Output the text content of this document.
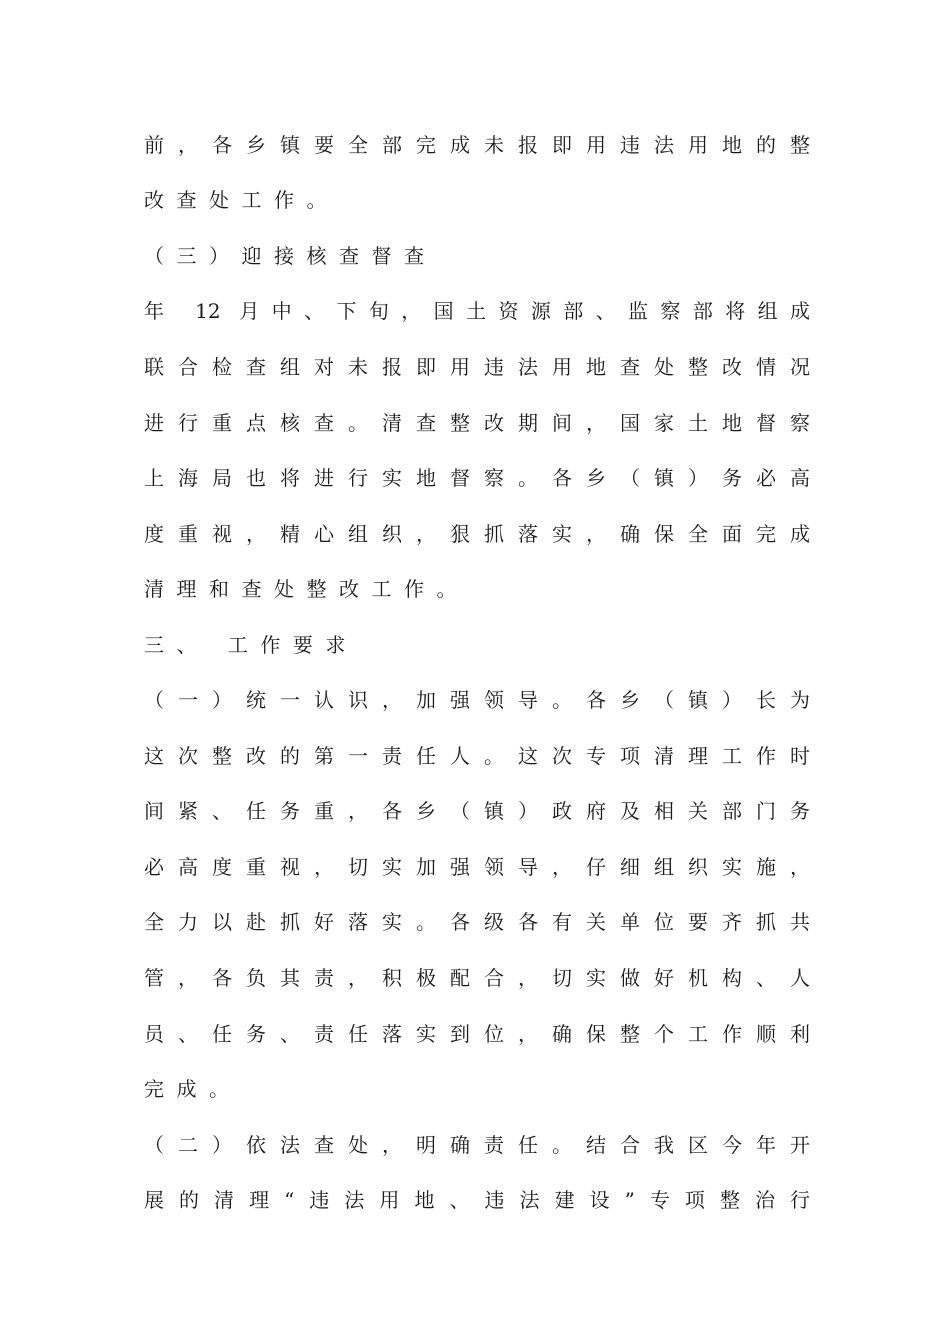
前，各乡镇要全部完成未报即用违法用地的整
改查处工作。
（三）迎接核查督查
年 12 月中、下旬，国土资源部、监察部将组成
联合检查组对未报即用违法用地查处整改情况
进行重点核查。清查整改期间，国家土地督察
上海局也将进行实地督察。各乡（镇）务必高
度重视，精心组织，狠抓落实，确保全面完成
清理和查处整改工作。
三、 工作要求
（一）统一认识，加强领导。各乡（镇）长为
这次整改的第一责任人。这次专项清理工作时
间紧、任务重，各乡（镇）政府及相关部门务
必高度重视，切实加强领导，仔细组织实施，
全力以赴抓好落实。各级各有关单位要齐抓共
管，各负其责，积极配合，切实做好机构、人
员、任务、责任落实到位，确保整个工作顺利
完成。
（二）依法查处，明确责任。结合我区今年开
展的清理“违法用地、违法建设”专项整治行
